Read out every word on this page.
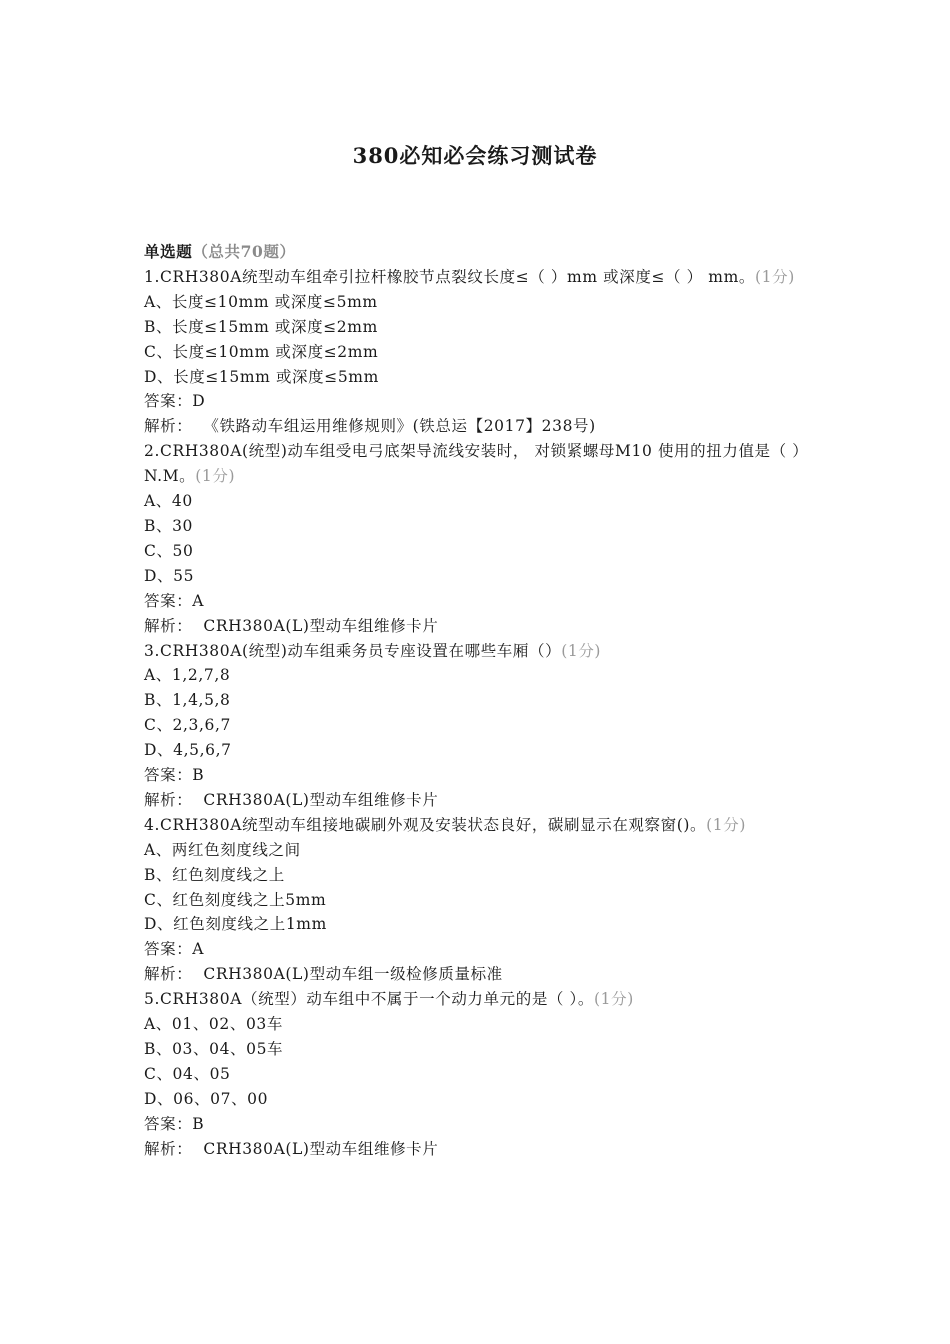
380必知必会练习测试卷
单选题（总共70题）
1.CRH380A统型动车组牵引拉杆橡胶节点裂纹长度≤（ ）mm 或深度≤（ ） mm。(1分)
A、长度≤10mm 或深度≤5mm
B、长度≤15mm 或深度≤2mm
C、长度≤10mm 或深度≤2mm
D、长度≤15mm 或深度≤5mm
答案：D
解析：  《铁路动车组运用维修规则》(铁总运【2017】238号)
2.CRH380A(统型)动车组受电弓底架导流线安装时， 对锁紧螺母M10 使用的扭力值是（ ）N.M。(1分)
A、40
B、30
C、50
D、55
答案：A
解析：  CRH380A(L)型动车组维修卡片
3.CRH380A(统型)动车组乘务员专座设置在哪些车厢（）(1分)
A、1,2,7,8
B、1,4,5,8
C、2,3,6,7
D、4,5,6,7
答案：B
解析：  CRH380A(L)型动车组维修卡片
4.CRH380A统型动车组接地碳刷外观及安装状态良好，碳刷显示在观察窗()。(1分)
A、两红色刻度线之间
B、红色刻度线之上
C、红色刻度线之上5mm
D、红色刻度线之上1mm
答案：A
解析：  CRH380A(L)型动车组一级检修质量标准
5.CRH380A（统型）动车组中不属于一个动力单元的是（ ）。(1分)
A、01、02、03车
B、03、04、05车
C、04、05
D、06、07、00
答案：B
解析：  CRH380A(L)型动车组维修卡片
